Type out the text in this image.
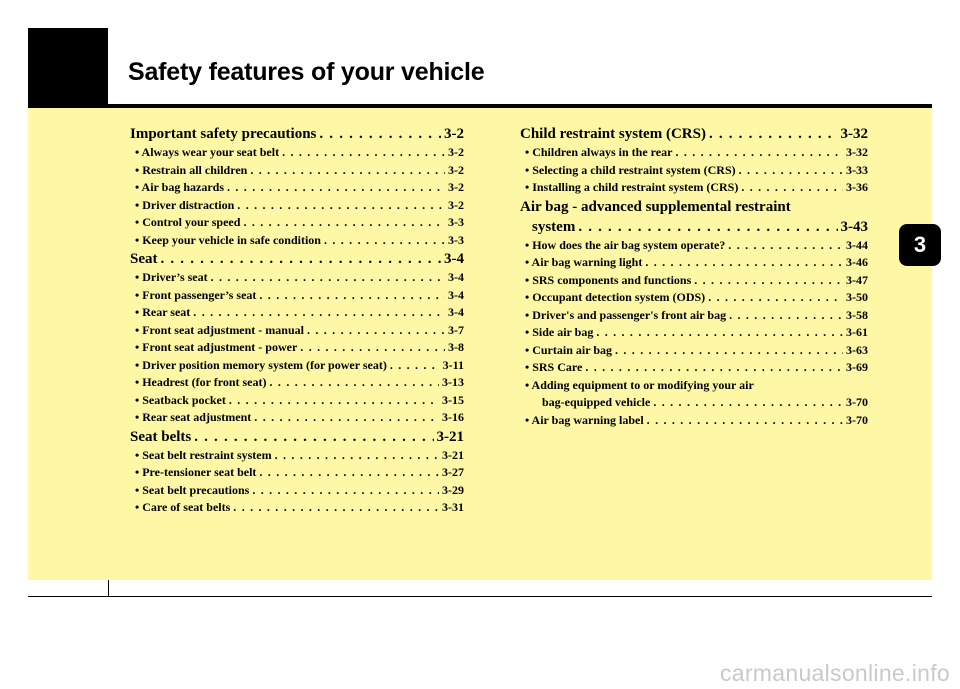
Safety features of your vehicle
3
Important safety precautions . . .	3-2
• Always wear your seat belt . . .	3-2
• Restrain all children . . .	3-2
• Air bag hazards . . .	3-2
• Driver distraction . . .	3-2
• Control your speed . . .	3-3
• Keep your vehicle in safe condition . . .	3-3
Seat . . .	3-4
• Driver’s seat . . .	3-4
• Front passenger’s seat . . .	3-4
• Rear seat . . .	3-4
• Front seat adjustment - manual . . .	3-7
• Front seat adjustment - power . . .	3-8
• Driver position memory system (for power seat) . . .	3-11
• Headrest (for front seat) . . .	3-13
• Seatback pocket . . .	3-15
• Rear seat adjustment . . .	3-16
Seat belts . . .	3-21
• Seat belt restraint system . . .	3-21
• Pre-tensioner seat belt . . .	3-27
• Seat belt precautions . . .	3-29
• Care of seat belts . . .	3-31
Child restraint system (CRS) . . .	3-32
• Children always in the rear . . .	3-32
• Selecting a child restraint system (CRS) . . .	3-33
• Installing a child restraint system (CRS) . . .	3-36
Air bag - advanced supplemental restraint
system . . .	3-43
• How does the air bag system operate? . . .	3-44
• Air bag warning light . . .	3-46
• SRS components and functions . . .	3-47
• Occupant detection system (ODS) . . .	3-50
• Driver's and passenger's front air bag . . .	3-58
• Side air bag . . .	3-61
• Curtain air bag . . .	3-63
• SRS Care . . .	3-69
• Adding equipment to or modifying your air
bag-equipped vehicle . . .	3-70
• Air bag warning label . . .	3-70
carmanualsonline.info
